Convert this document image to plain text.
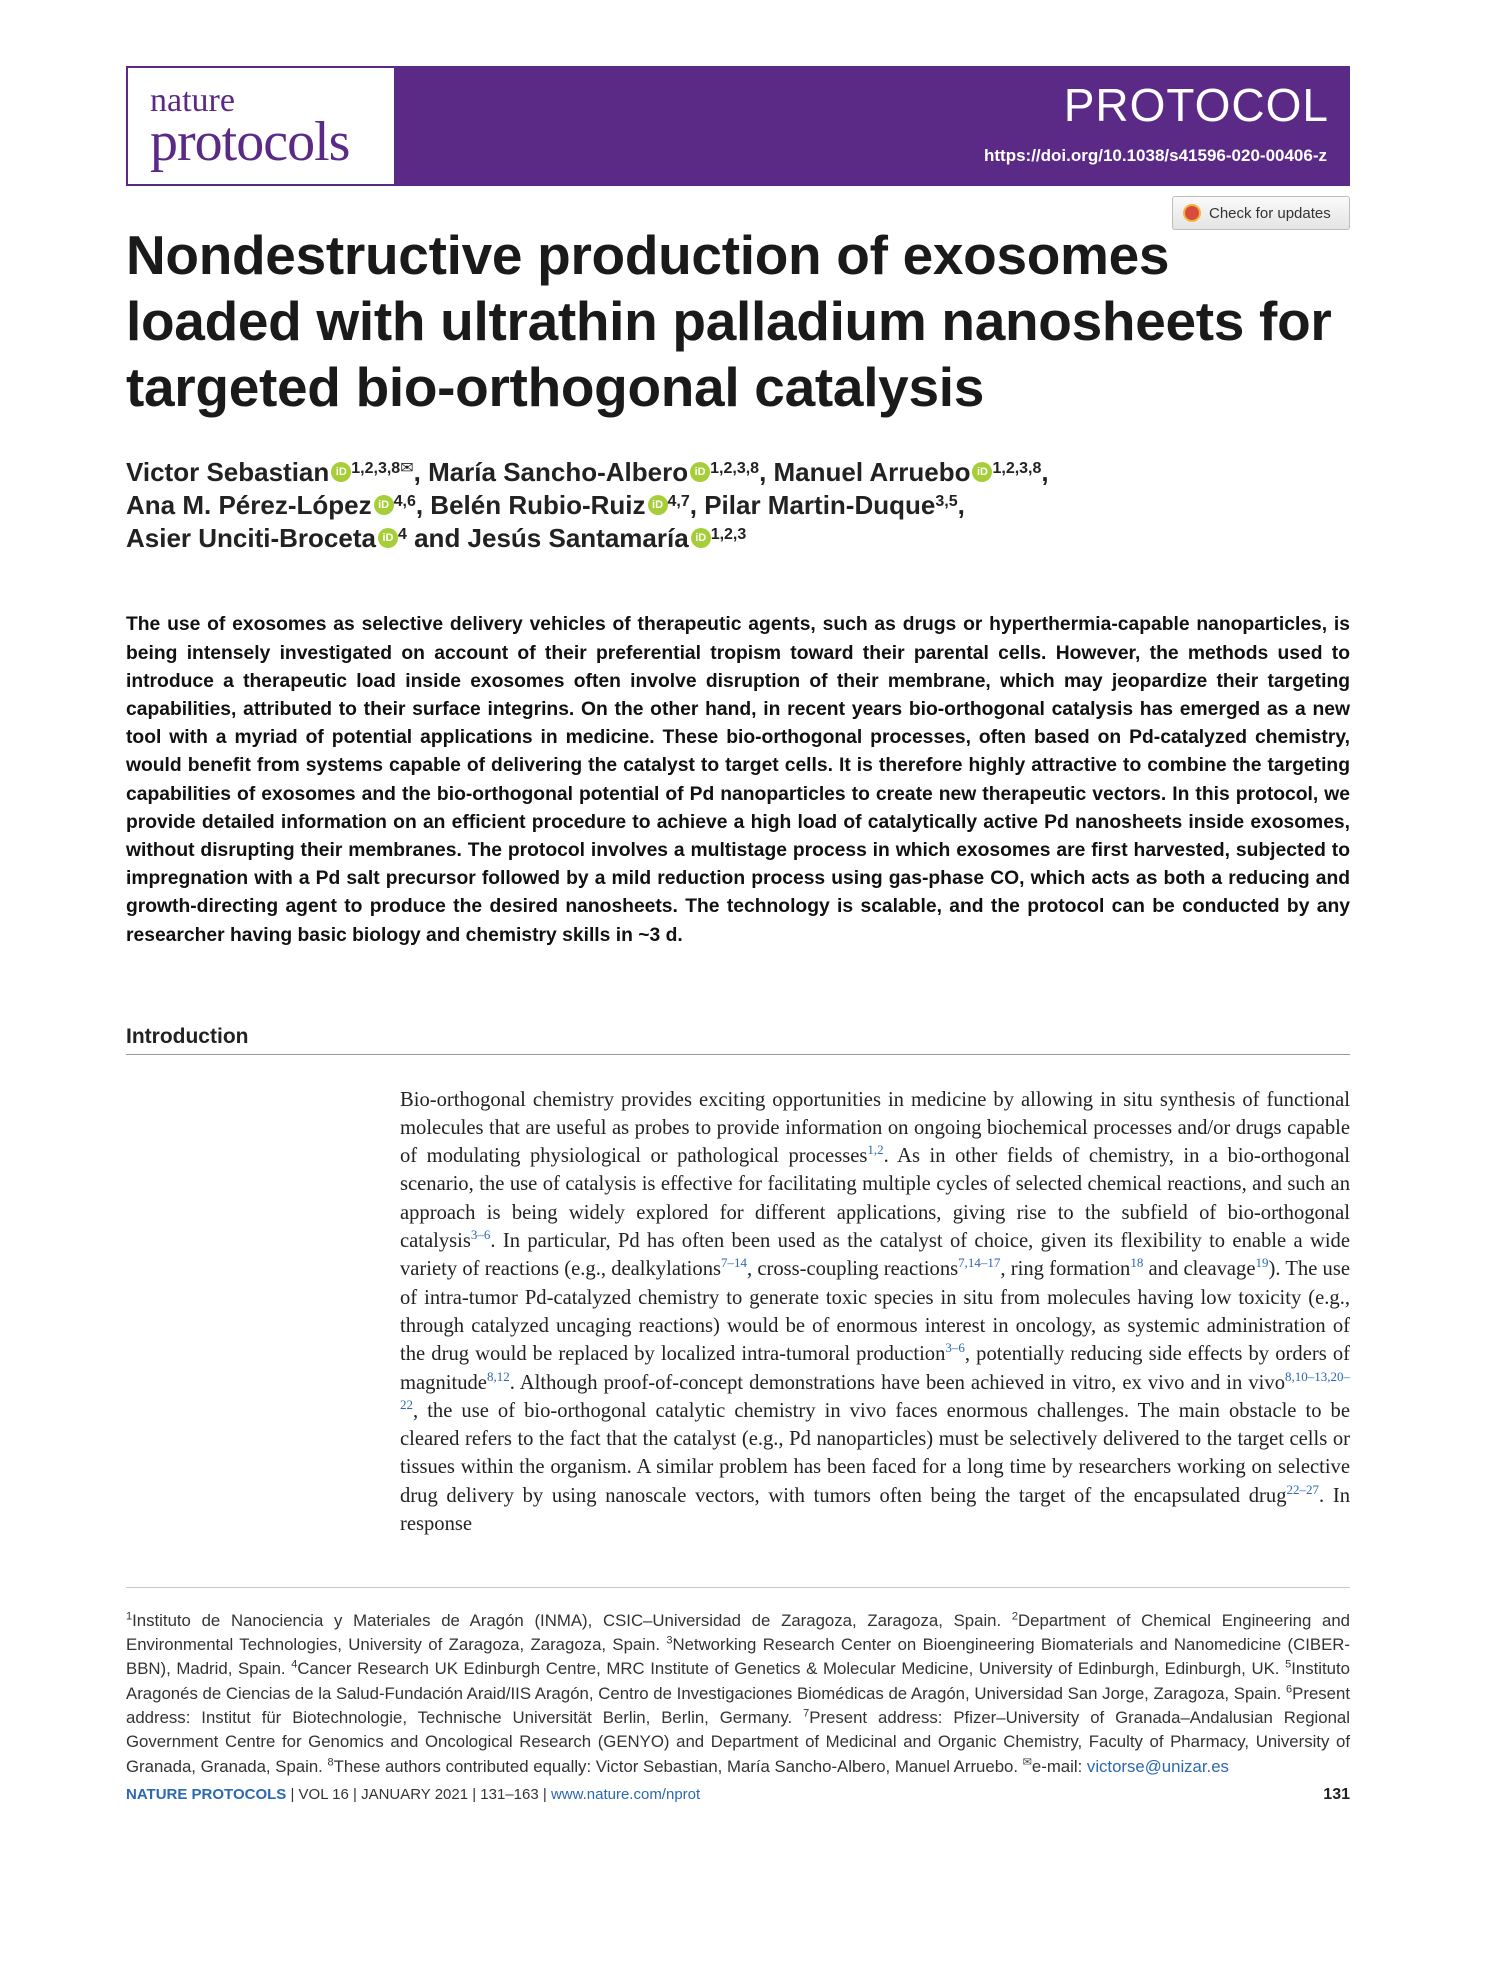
nature
protocols
PROTOCOL
https://doi.org/10.1038/s41596-020-00406-z
Check for updates
Nondestructive production of exosomes loaded with ultrathin palladium nanosheets for targeted bio-orthogonal catalysis
Victor Sebastian iD $^{1,2,3,8✉}$, María Sancho-Albero iD $^{1,2,3,8}$, Manuel Arruebo iD $^{1,2,3,8}$,
Ana M. Pérez-López iD $^{4,6}$, Belén Rubio-Ruiz iD $^{4,7}$, Pilar Martin-Duque$^{3,5}$,
Asier Unciti-Broceta iD $^4$ and Jesús Santamaría iD $^{1,2,3}$

The use of exosomes as selective delivery vehicles of therapeutic agents, such as drugs or hyperthermia-capable nanoparticles, is being intensely investigated on account of their preferential tropism toward their parental cells. However, the methods used to introduce a therapeutic load inside exosomes often involve disruption of their membrane, which may jeopardize their targeting capabilities, attributed to their surface integrins. On the other hand, in recent years bio-orthogonal catalysis has emerged as a new tool with a myriad of potential applications in medicine. These bio-orthogonal processes, often based on Pd-catalyzed chemistry, would benefit from systems capable of delivering the catalyst to target cells. It is therefore highly attractive to combine the targeting capabilities of exosomes and the bio-orthogonal potential of Pd nanoparticles to create new therapeutic vectors. In this protocol, we provide detailed information on an efficient procedure to achieve a high load of catalytically active Pd nanosheets inside exosomes, without disrupting their membranes. The protocol involves a multistage process in which exosomes are first harvested, subjected to impregnation with a Pd salt precursor followed by a mild reduction process using gas-phase CO, which acts as both a reducing and growth-directing agent to produce the desired nanosheets. The technology is scalable, and the protocol can be conducted by any researcher having basic biology and chemistry skills in ~3 d.

Introduction

Bio-orthogonal chemistry provides exciting opportunities in medicine by allowing in situ synthesis of functional molecules that are useful as probes to provide information on ongoing biochemical processes and/or drugs capable of modulating physiological or pathological processes$^{1,2}$. As in other fields of chemistry, in a bio-orthogonal scenario, the use of catalysis is effective for facilitating multiple cycles of selected chemical reactions, and such an approach is being widely explored for different applications, giving rise to the subfield of bio-orthogonal catalysis$^{3-6}$. In particular, Pd has often been used as the catalyst of choice, given its flexibility to enable a wide variety of reactions (e.g., dealkylations$^{7-14}$, cross-coupling reactions$^{7,14-17}$, ring formation$^{18}$ and cleavage$^{19}$). The use of intra-tumor Pd-catalyzed chemistry to generate toxic species in situ from molecules having low toxicity (e.g., through catalyzed uncaging reactions) would be of enormous interest in oncology, as systemic administration of the drug would be replaced by localized intra-tumoral production$^{3-6}$, potentially reducing side effects by orders of magnitude$^{8,12}$. Although proof-of-concept demonstrations have been achieved in vitro, ex vivo and in vivo$^{8,10-13,20-22}$, the use of bio-orthogonal catalytic chemistry in vivo faces enormous challenges. The main obstacle to be cleared refers to the fact that the catalyst (e.g., Pd nanoparticles) must be selectively delivered to the target cells or tissues within the organism. A similar problem has been faced for a long time by researchers working on selective drug delivery by using nanoscale vectors, with tumors often being the target of the encapsulated drug$^{22-27}$. In response

$^1$Instituto de Nanociencia y Materiales de Aragón (INMA), CSIC–Universidad de Zaragoza, Zaragoza, Spain. $^2$Department of Chemical Engineering and Environmental Technologies, University of Zaragoza, Zaragoza, Spain. $^3$Networking Research Center on Bioengineering Biomaterials and Nanomedicine (CIBER-BBN), Madrid, Spain. $^4$Cancer Research UK Edinburgh Centre, MRC Institute of Genetics & Molecular Medicine, University of Edinburgh, Edinburgh, UK. $^5$Instituto Aragonés de Ciencias de la Salud-Fundación Araid/IIS Aragón, Centro de Investigaciones Biomédicas de Aragón, Universidad San Jorge, Zaragoza, Spain. $^6$Present address: Institut für Biotechnologie, Technische Universität Berlin, Berlin, Germany. $^7$Present address: Pfizer–University of Granada–Andalusian Regional Government Centre for Genomics and Oncological Research (GENYO) and Department of Medicinal and Organic Chemistry, Faculty of Pharmacy, University of Granada, Granada, Spain. $^8$These authors contributed equally: Victor Sebastian, María Sancho-Albero, Manuel Arruebo. ✉e-mail: victorse@unizar.es

NATURE PROTOCOLS | VOL 16 | JANUARY 2021 | 131–163 | www.nature.com/nprot	131
